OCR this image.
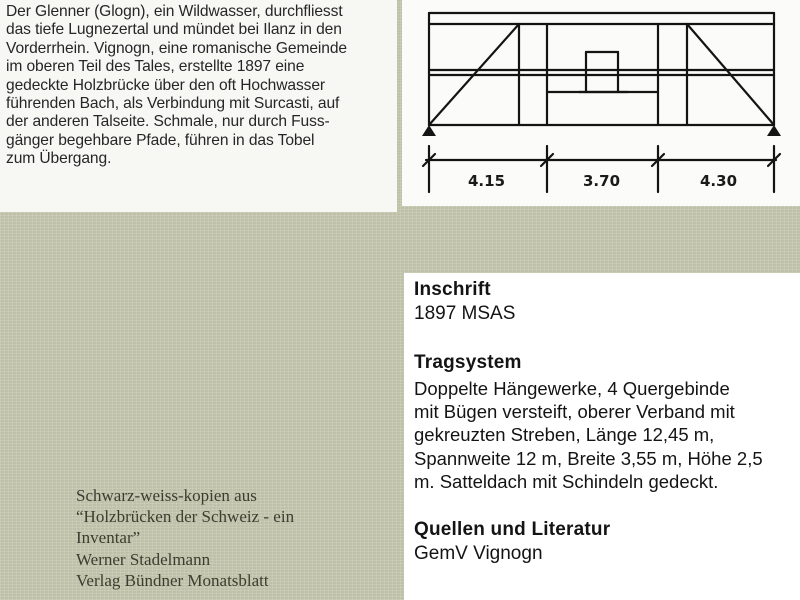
Der Glenner (Glogn), ein Wildwasser, durchfliesst

das tiefe Lugnezertal und mündet bei Ilanz in den

Vorderrhein. Vignogn, eine romanische Gemeinde

im oberen Teil des Tales, erstellte 1897 eine

gedeckte Holzbrücke über den oft Hochwasser

führenden Bach, als Verbindung mit Surcasti, auf

der anderen Talseite. Schmale, nur durch Fuss-

gänger begehbare Pfade, führen in das Tobel

zum Übergang.

4.15	3.70	4.30
Inschrift

1897 MSAS

Tragsystem
Doppelte Hängewerke, 4 Quergebinde
mit Bügen versteift, oberer Verband mit
gekreuzten Streben, Länge 12,45 m,
Spannweite 12 m, Breite 3,55 m, Höhe 2,5
m. Satteldach mit Schindeln gedeckt.
Quellen und Literatur

GemV Vignogn

Schwarz-weiss-kopien aus
“Holzbrücken der Schweiz - ein
Inventar”
Werner Stadelmann
Verlag Bündner Monatsblatt
